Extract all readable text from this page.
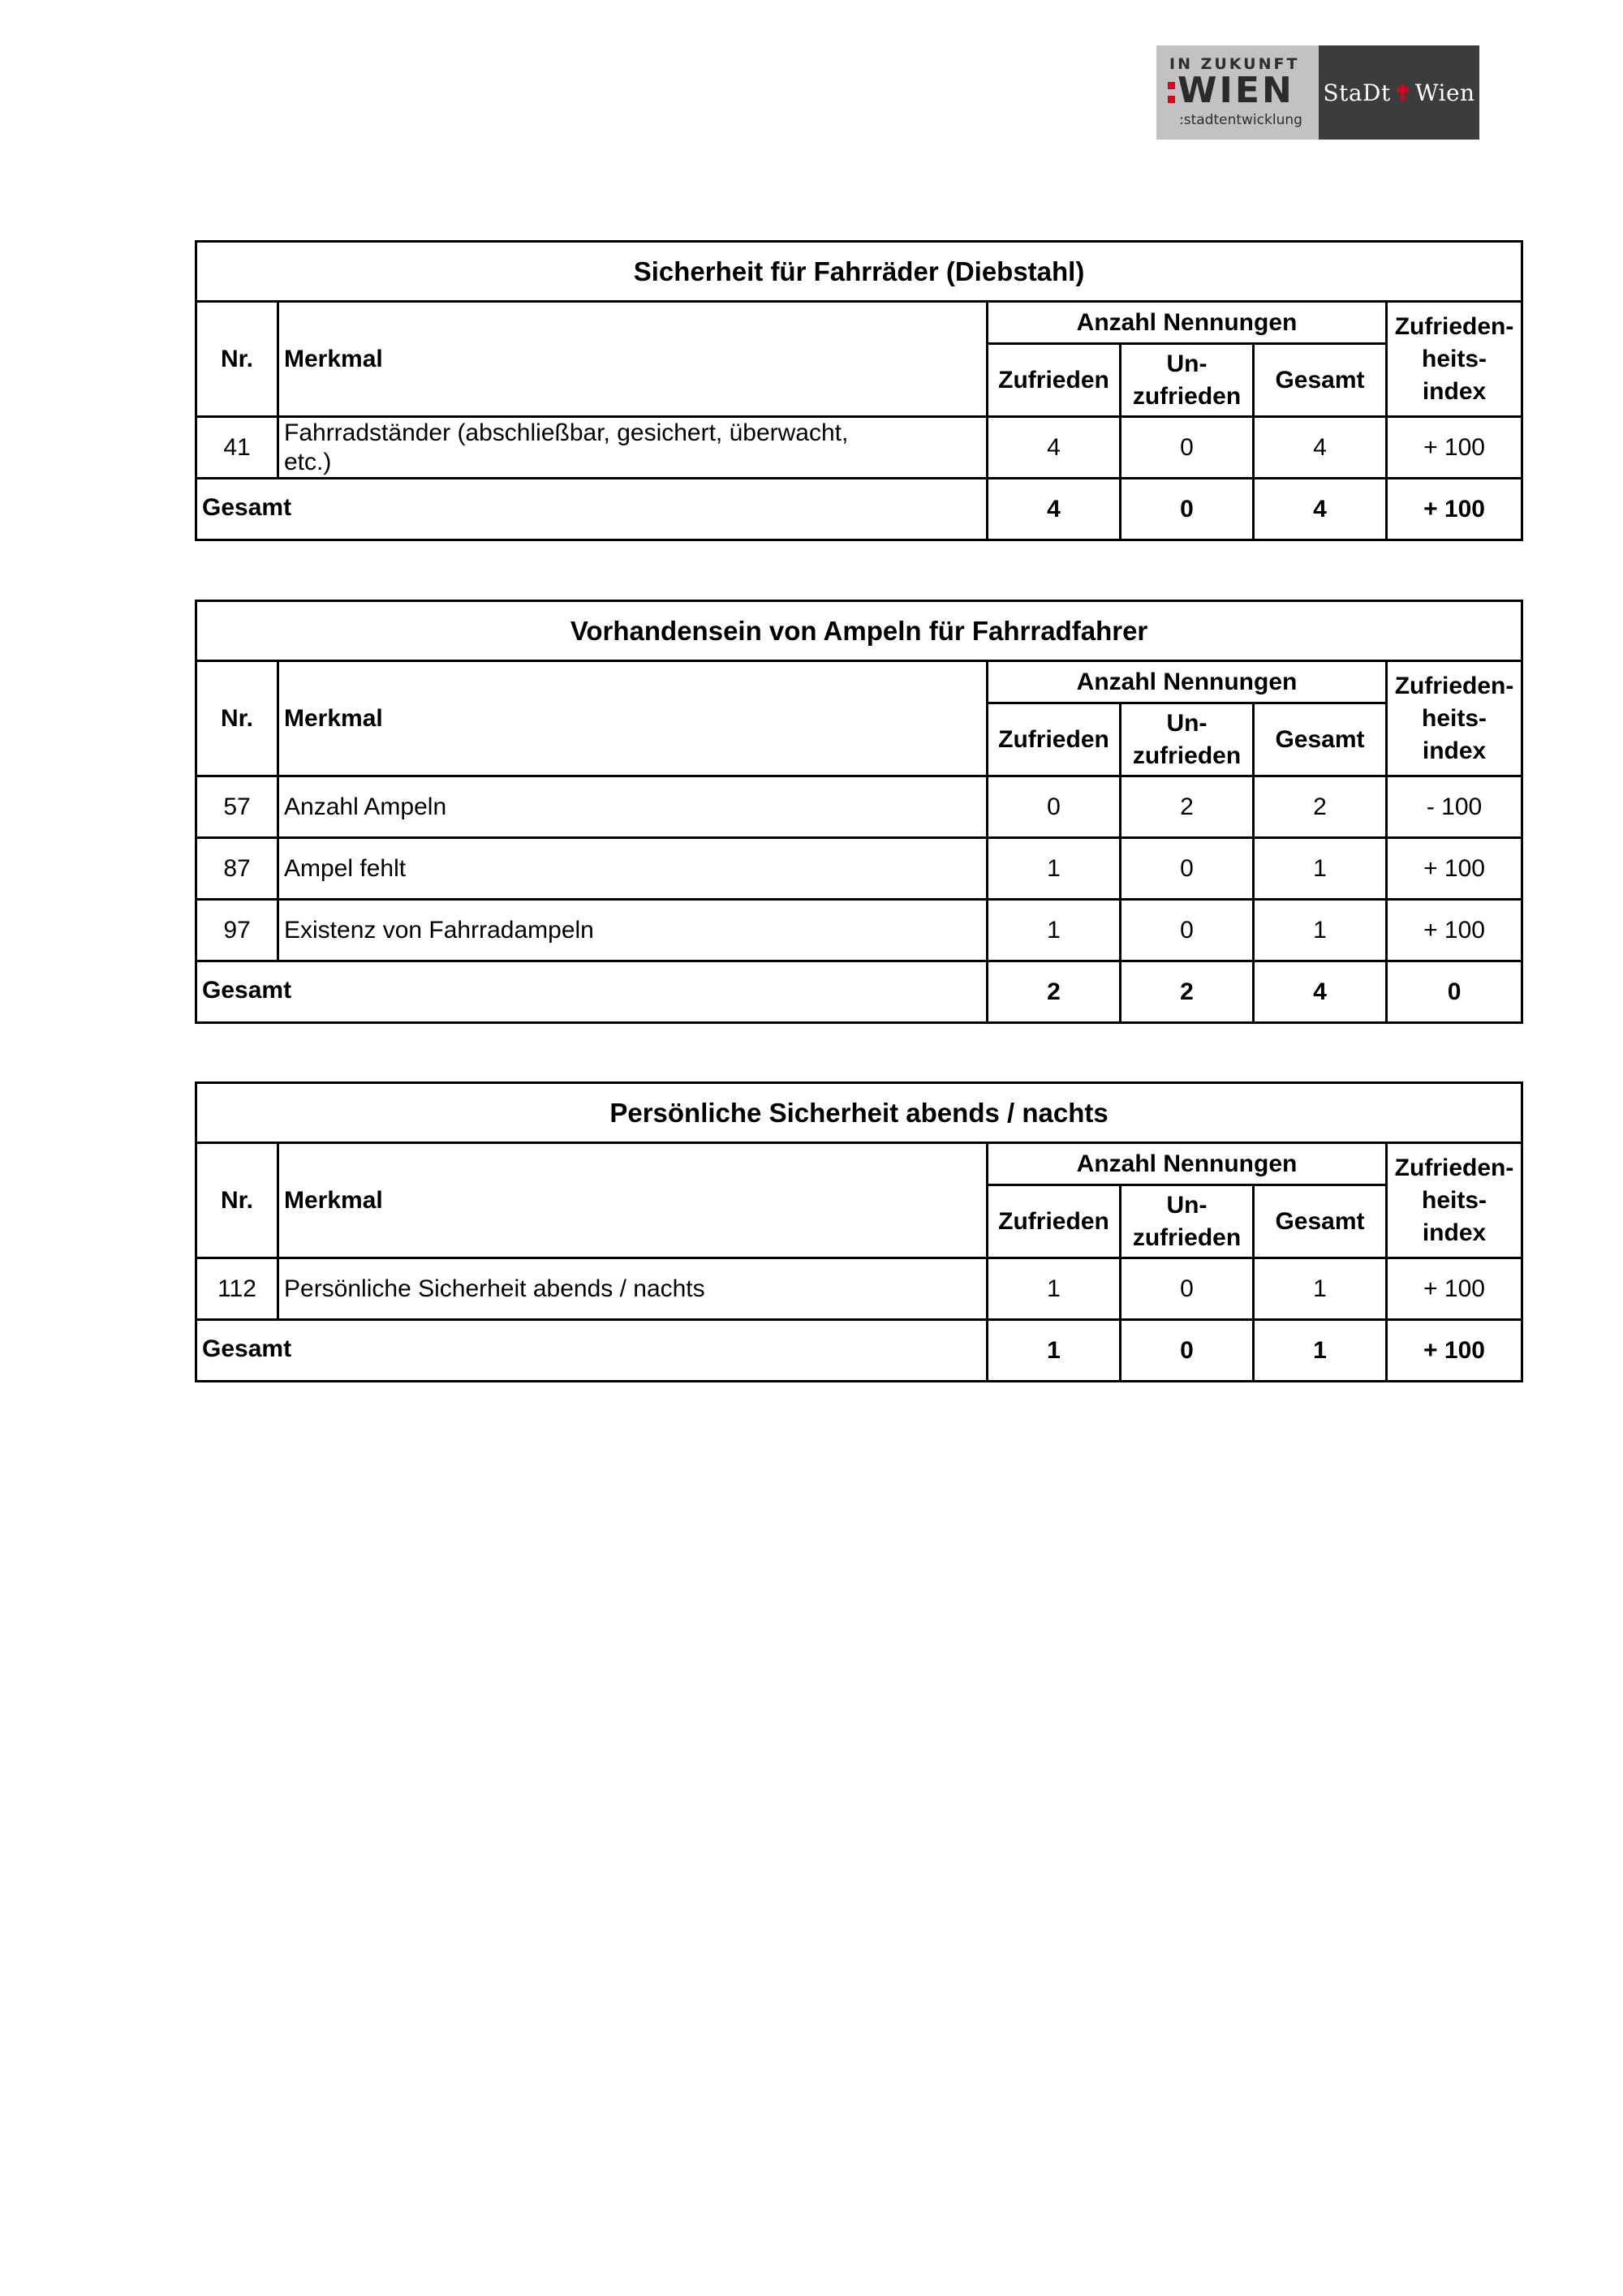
IN ZUKUNFT
WIEN
:stadtentwicklung
StaDt ✝ Wien
Sicherheit für Fahrräder (Diebstahl)					
Nr.	Merkmal	Anzahl Nennungen			Zufrieden-
heits-
index

		Zufrieden	Un-
zufrieden	Gesamt	
41	Fahrradständer (abschließbar, gesichert, überwacht,
etc.)	4	0	4	+ 100
Gesamt		4	0	4	+ 100
Vorhandensein von Ampeln für Fahrradfahrer					
Nr.	Merkmal	Anzahl Nennungen			Zufrieden-
heits-
index

		Zufrieden	Un-
zufrieden	Gesamt	
57	Anzahl Ampeln	0	2	2	- 100
87	Ampel fehlt	1	0	1	+ 100
97	Existenz von Fahrradampeln	1	0	1	+ 100
Gesamt		2	2	4	0
Persönliche Sicherheit abends / nachts					
Nr.	Merkmal	Anzahl Nennungen			Zufrieden-
heits-
index

		Zufrieden	Un-
zufrieden	Gesamt	
112	Persönliche Sicherheit abends / nachts	1	0	1	+ 100
Gesamt		1	0	1	+ 100
